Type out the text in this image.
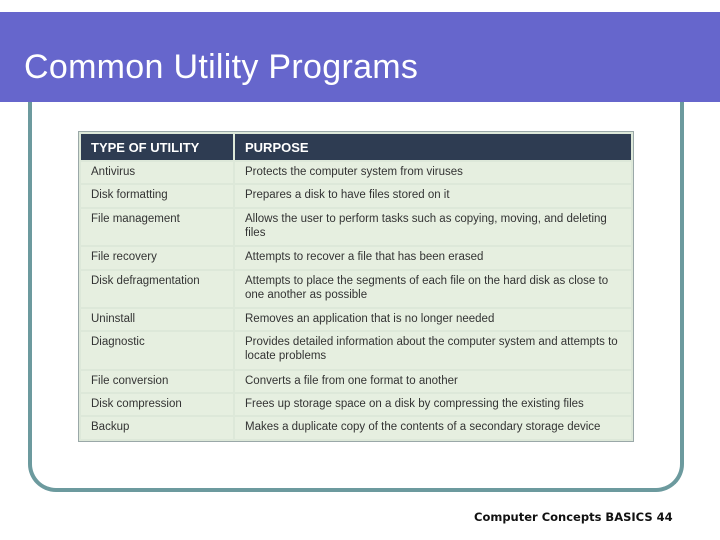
Common Utility Programs
TYPE OF UTILITY	PURPOSE
Antivirus	Protects the computer system from viruses
Disk formatting	Prepares a disk to have files stored on it
File management	Allows the user to perform tasks such as copying, moving, and deleting files
File recovery	Attempts to recover a file that has been erased
Disk defragmentation	Attempts to place the segments of each file on the hard disk as close to one another as possible
Uninstall	Removes an application that is no longer needed
Diagnostic	Provides detailed information about the computer system and attempts to locate problems
File conversion	Converts a file from one format to another
Disk compression	Frees up storage space on a disk by compressing the existing files
Backup	Makes a duplicate copy of the contents of a secondary storage device
Computer Concepts BASICS 44
